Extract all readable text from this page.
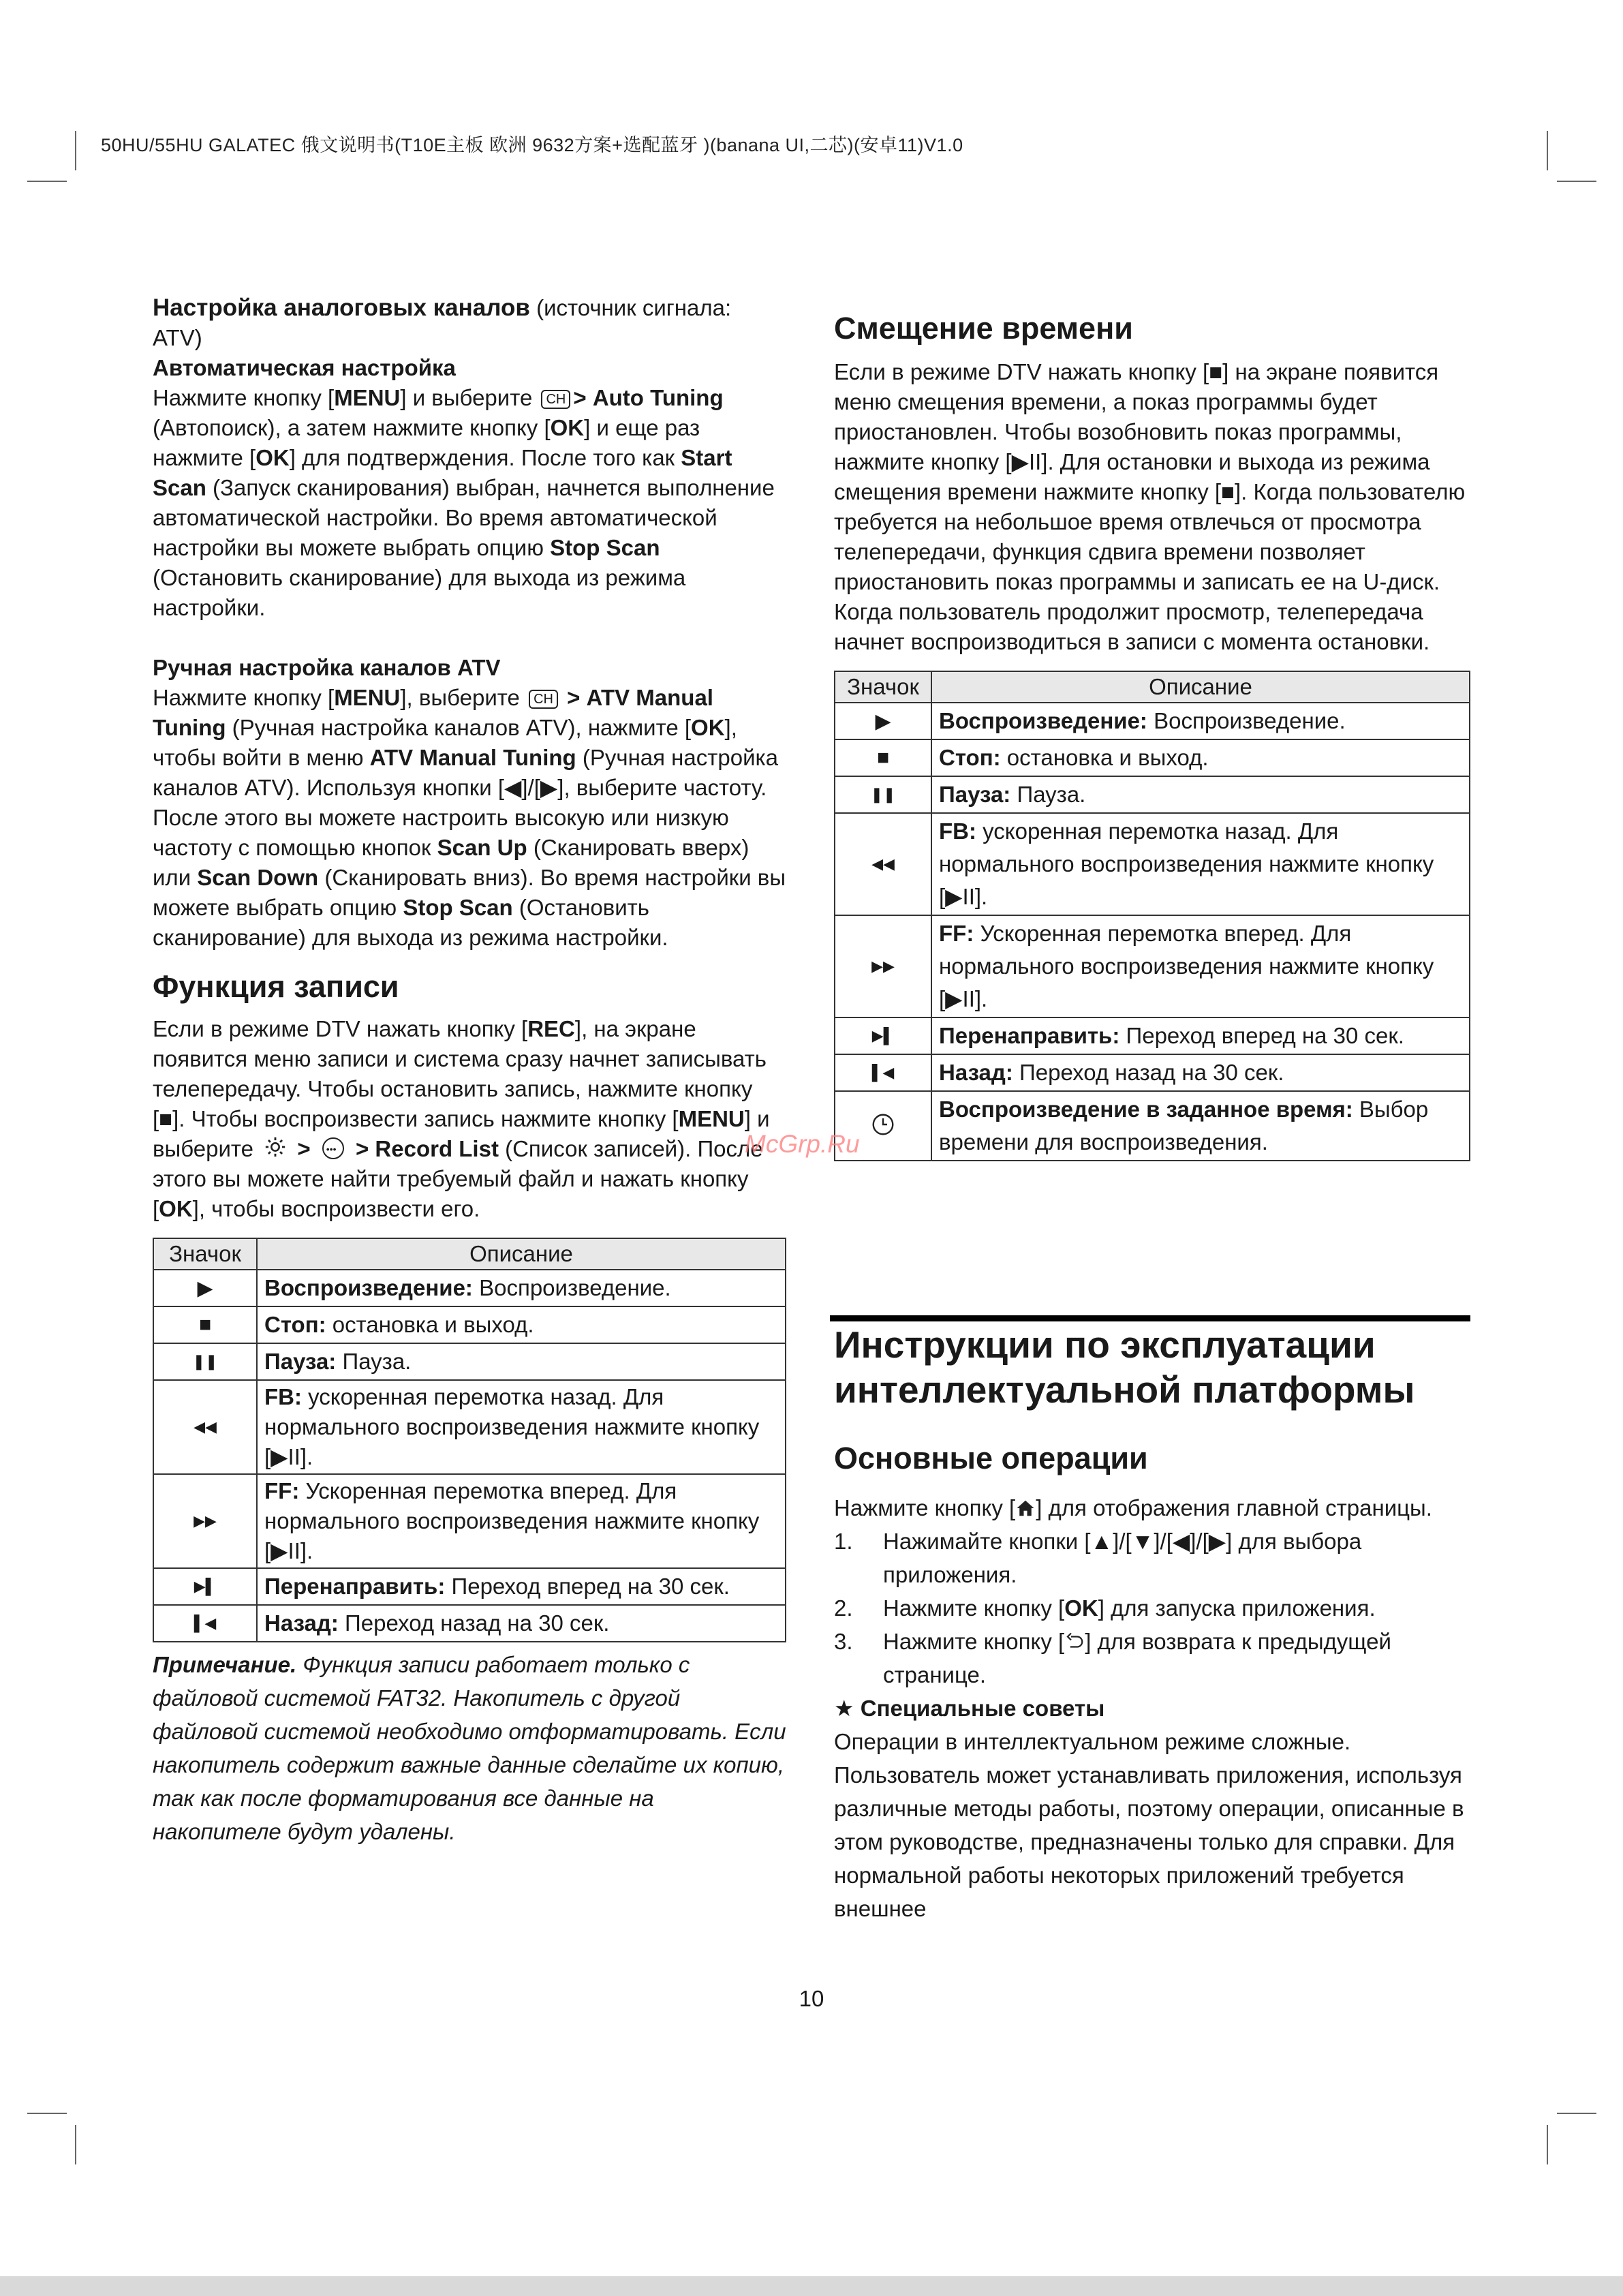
50HU/55HU GALATEC 俄文说明书(T10E主板 欧洲 9632方案+选配蓝牙 )(banana UI,二芯)(安卓11)V1.0

Настройка аналоговых каналов (источник сигнала: ATV)

Автоматическая настройка

Нажмите кнопку [MENU] и выберите CH > Auto Tuning (Автопоиск), а затем нажмите кнопку [OK] и еще раз нажмите [OK] для подтверждения. После того как Start Scan (Запуск сканирования) выбран, начнется выполнение автоматической настройки. Во время автоматической настройки вы можете выбрать опцию Stop Scan (Остановить сканирование) для выхода из режима настройки.

Ручная настройка каналов ATV

Нажмите кнопку [MENU], выберите CH > ATV Manual Tuning (Ручная настройка каналов ATV), нажмите [OK], чтобы войти в меню ATV Manual Tuning (Ручная настройка каналов ATV). Используя кнопки [◀]/[▶], выберите частоту. После этого вы можете настроить высокую или низкую частоту с помощью кнопок Scan Up (Сканировать вверх) или Scan Down (Сканировать вниз). Во время настройки вы можете выбрать опцию Stop Scan (Остановить сканирование) для выхода из режима настройки.

Функция записи

Если в режиме DTV нажать кнопку [REC], на экране появится меню записи и система сразу начнет записывать телепередачу. Чтобы остановить запись, нажмите кнопку [■]. Чтобы воспроизвести запись нажмите кнопку [MENU] и выберите  > ••• > Record List (Список записей). После этого вы можете найти требуемый файл и нажать кнопку [OK], чтобы воспроизвести его.

Значок	Описание
▶	Воспроизведение: Воспроизведение.
■	Стоп: остановка и выход.
❚❚	Пауза: Пауза.
◀◀	FB: ускоренная перемотка назад. Для нормального воспроизведения нажмите кнопку [▶II].
▶▶	FF: Ускоренная перемотка вперед. Для нормального воспроизведения нажмите кнопку [▶II].
▶▌	Перенаправить: Переход вперед на 30 сек.
▌◀	Назад: Переход назад на 30 сек.

Примечание. Функция записи работает только с файловой системой FAT32. Накопитель с другой файловой системой необходимо отформатировать. Если накопитель содержит важные данные сделайте их копию, так как после форматирования все данные на накопителе будут удалены.

Смещение времени

Если в режиме DTV нажать кнопку [■] на экране появится меню смещения времени, а показ программы будет приостановлен. Чтобы возобновить показ программы, нажмите кнопку [▶II]. Для остановки и выхода из режима смещения времени нажмите кнопку [■]. Когда пользователю требуется на небольшое время отвлечься от просмотра телепередачи, функция сдвига времени позволяет приостановить показ программы и записать ее на U-диск. Когда пользователь продолжит просмотр, телепередача начнет воспроизводиться в записи с момента остановки.

Значок	Описание
▶	Воспроизведение: Воспроизведение.
■	Стоп: остановка и выход.
❚❚	Пауза: Пауза.
◀◀	FB: ускоренная перемотка назад. Для нормального воспроизведения нажмите кнопку [▶II].
▶▶	FF: Ускоренная перемотка вперед. Для нормального воспроизведения нажмите кнопку [▶II].
▶▌	Перенаправить: Переход вперед на 30 сек.
▌◀	Назад: Переход назад на 30 сек.
	Воспроизведение в заданное время: Выбор времени для воспроизведения.
Инструкции по эксплуатации интеллектуальной платформы

Основные операции

Нажмите кнопку [ ] для отображения главной страницы.

1. Нажимайте кнопки [▲]/[▼]/[◀]/[▶] для выбора приложения.
2. Нажмите кнопку [OK] для запуска приложения.
3. Нажмите кнопку [ ] для возврата к предыдущей странице.

★ Специальные советы

Операции в интеллектуальном режиме сложные. Пользователь может устанавливать приложения, используя различные методы работы, поэтому операции, описанные в этом руководстве, предназначены только для справки. Для нормальной работы некоторых приложений требуется внешнее

McGrp.Ru
10
